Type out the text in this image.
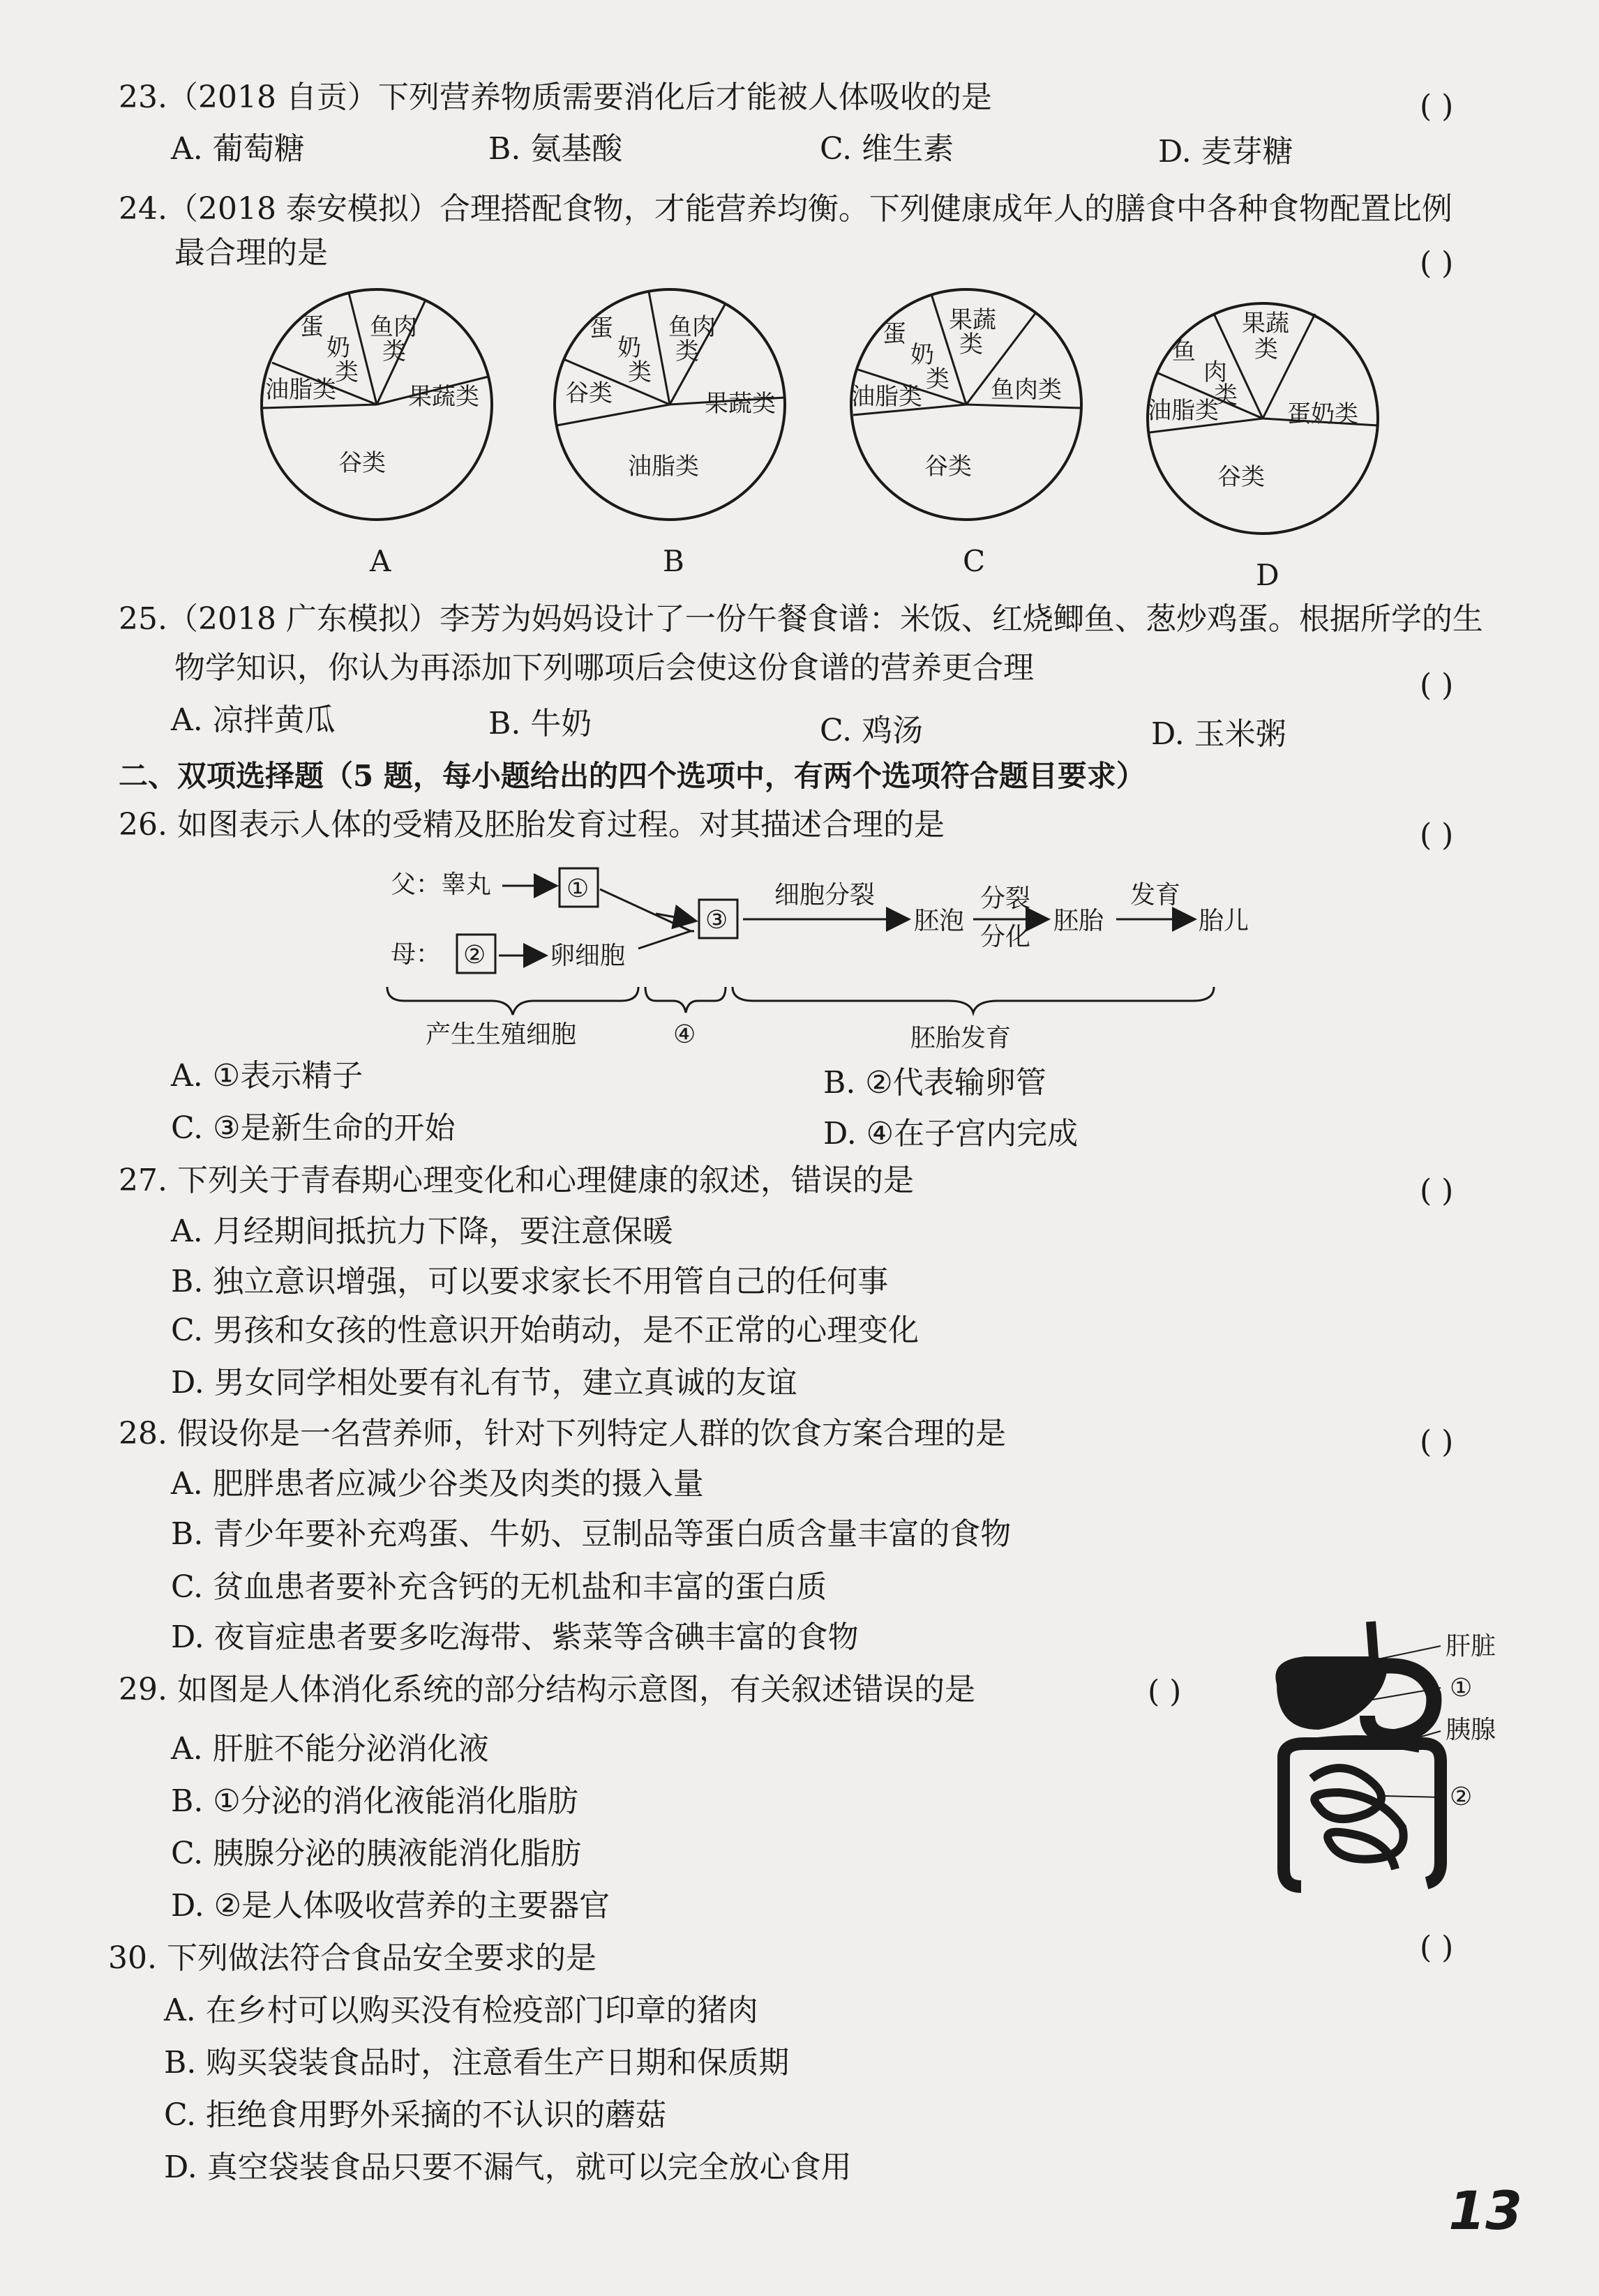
23.（2018 自贡）下列营养物质需要消化后才能被人体吸收的是	( )
A. 葡萄糖	B. 氨基酸	C. 维生素	D. 麦芽糖
24.（2018 泰安模拟）合理搭配食物，才能营养均衡。下列健康成年人的膳食中各种食物配置比例
最合理的是	( )
蛋
奶
类
鱼肉
类
油脂类	果蔬类
谷类
A
蛋
奶
类
鱼肉
类
谷类	果蔬类
油脂类
B
蛋
奶
类
果蔬
类
油脂类	鱼肉类
谷类
C
果蔬
类
鱼
肉
类
油脂类	蛋奶类
谷类
D
25.（2018 广东模拟）李芳为妈妈设计了一份午餐食谱：米饭、红烧鲫鱼、葱炒鸡蛋。根据所学的生
物学知识，你认为再添加下列哪项后会使这份食谱的营养更合理	( )
A. 凉拌黄瓜	B. 牛奶	C. 鸡汤	D. 玉米粥
二、双项选择题（5 题，每小题给出的四个选项中，有两个选项符合题目要求）
26. 如图表示人体的受精及胚胎发育过程。对其描述合理的是	( )
父：睾丸	①
母： ②	卵细胞
③
细胞分裂
胚泡
分裂
分化
胚胎
发育
胎儿
产生生殖细胞	④	胚胎发育
A. ①表示精子	B. ②代表输卵管
C. ③是新生命的开始	D. ④在子宫内完成
27. 下列关于青春期心理变化和心理健康的叙述，错误的是	( )
A. 月经期间抵抗力下降，要注意保暖
B. 独立意识增强，可以要求家长不用管自己的任何事
C. 男孩和女孩的性意识开始萌动，是不正常的心理变化
D. 男女同学相处要有礼有节，建立真诚的友谊
28. 假设你是一名营养师，针对下列特定人群的饮食方案合理的是	( )
A. 肥胖患者应减少谷类及肉类的摄入量
B. 青少年要补充鸡蛋、牛奶、豆制品等蛋白质含量丰富的食物
C. 贫血患者要补充含钙的无机盐和丰富的蛋白质
D. 夜盲症患者要多吃海带、紫菜等含碘丰富的食物
29. 如图是人体消化系统的部分结构示意图，有关叙述错误的是	( )
A. 肝脏不能分泌消化液
B. ①分泌的消化液能消化脂肪
C. 胰腺分泌的胰液能消化脂肪
D. ②是人体吸收营养的主要器官
肝脏
①
胰腺
②
30. 下列做法符合食品安全要求的是	( )
A. 在乡村可以购买没有检疫部门印章的猪肉
B. 购买袋装食品时，注意看生产日期和保质期
C. 拒绝食用野外采摘的不认识的蘑菇
D. 真空袋装食品只要不漏气，就可以完全放心食用
13
